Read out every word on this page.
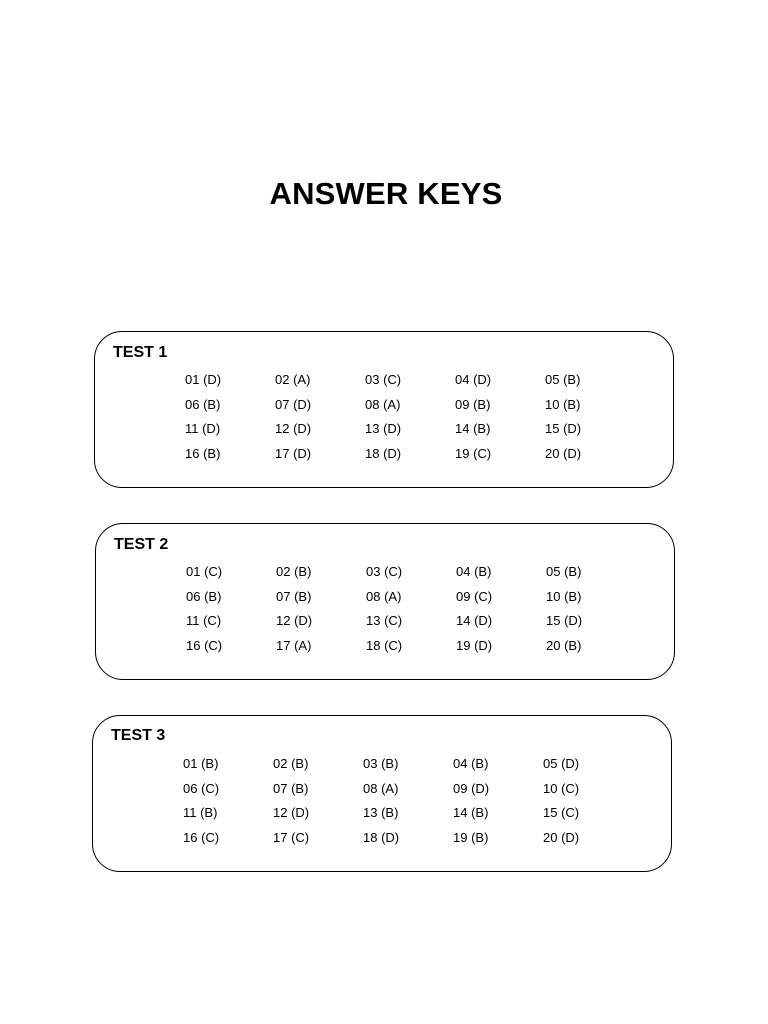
ANSWER KEYS
TEST 1
01 (D)	02 (A)	03 (C)	04 (D)	05 (B)
06 (B)	07 (D)	08 (A)	09 (B)	10 (B)
11 (D)	12 (D)	13 (D)	14 (B)	15 (D)
16 (B)	17 (D)	18 (D)	19 (C)	20 (D)
TEST 2
01 (C)	02 (B)	03 (C)	04 (B)	05 (B)
06 (B)	07 (B)	08 (A)	09 (C)	10 (B)
11 (C)	12 (D)	13 (C)	14 (D)	15 (D)
16 (C)	17 (A)	18 (C)	19 (D)	20 (B)
TEST 3
01 (B)	02 (B)	03 (B)	04 (B)	05 (D)
06 (C)	07 (B)	08 (A)	09 (D)	10 (C)
11 (B)	12 (D)	13 (B)	14 (B)	15 (C)
16 (C)	17 (C)	18 (D)	19 (B)	20 (D)
